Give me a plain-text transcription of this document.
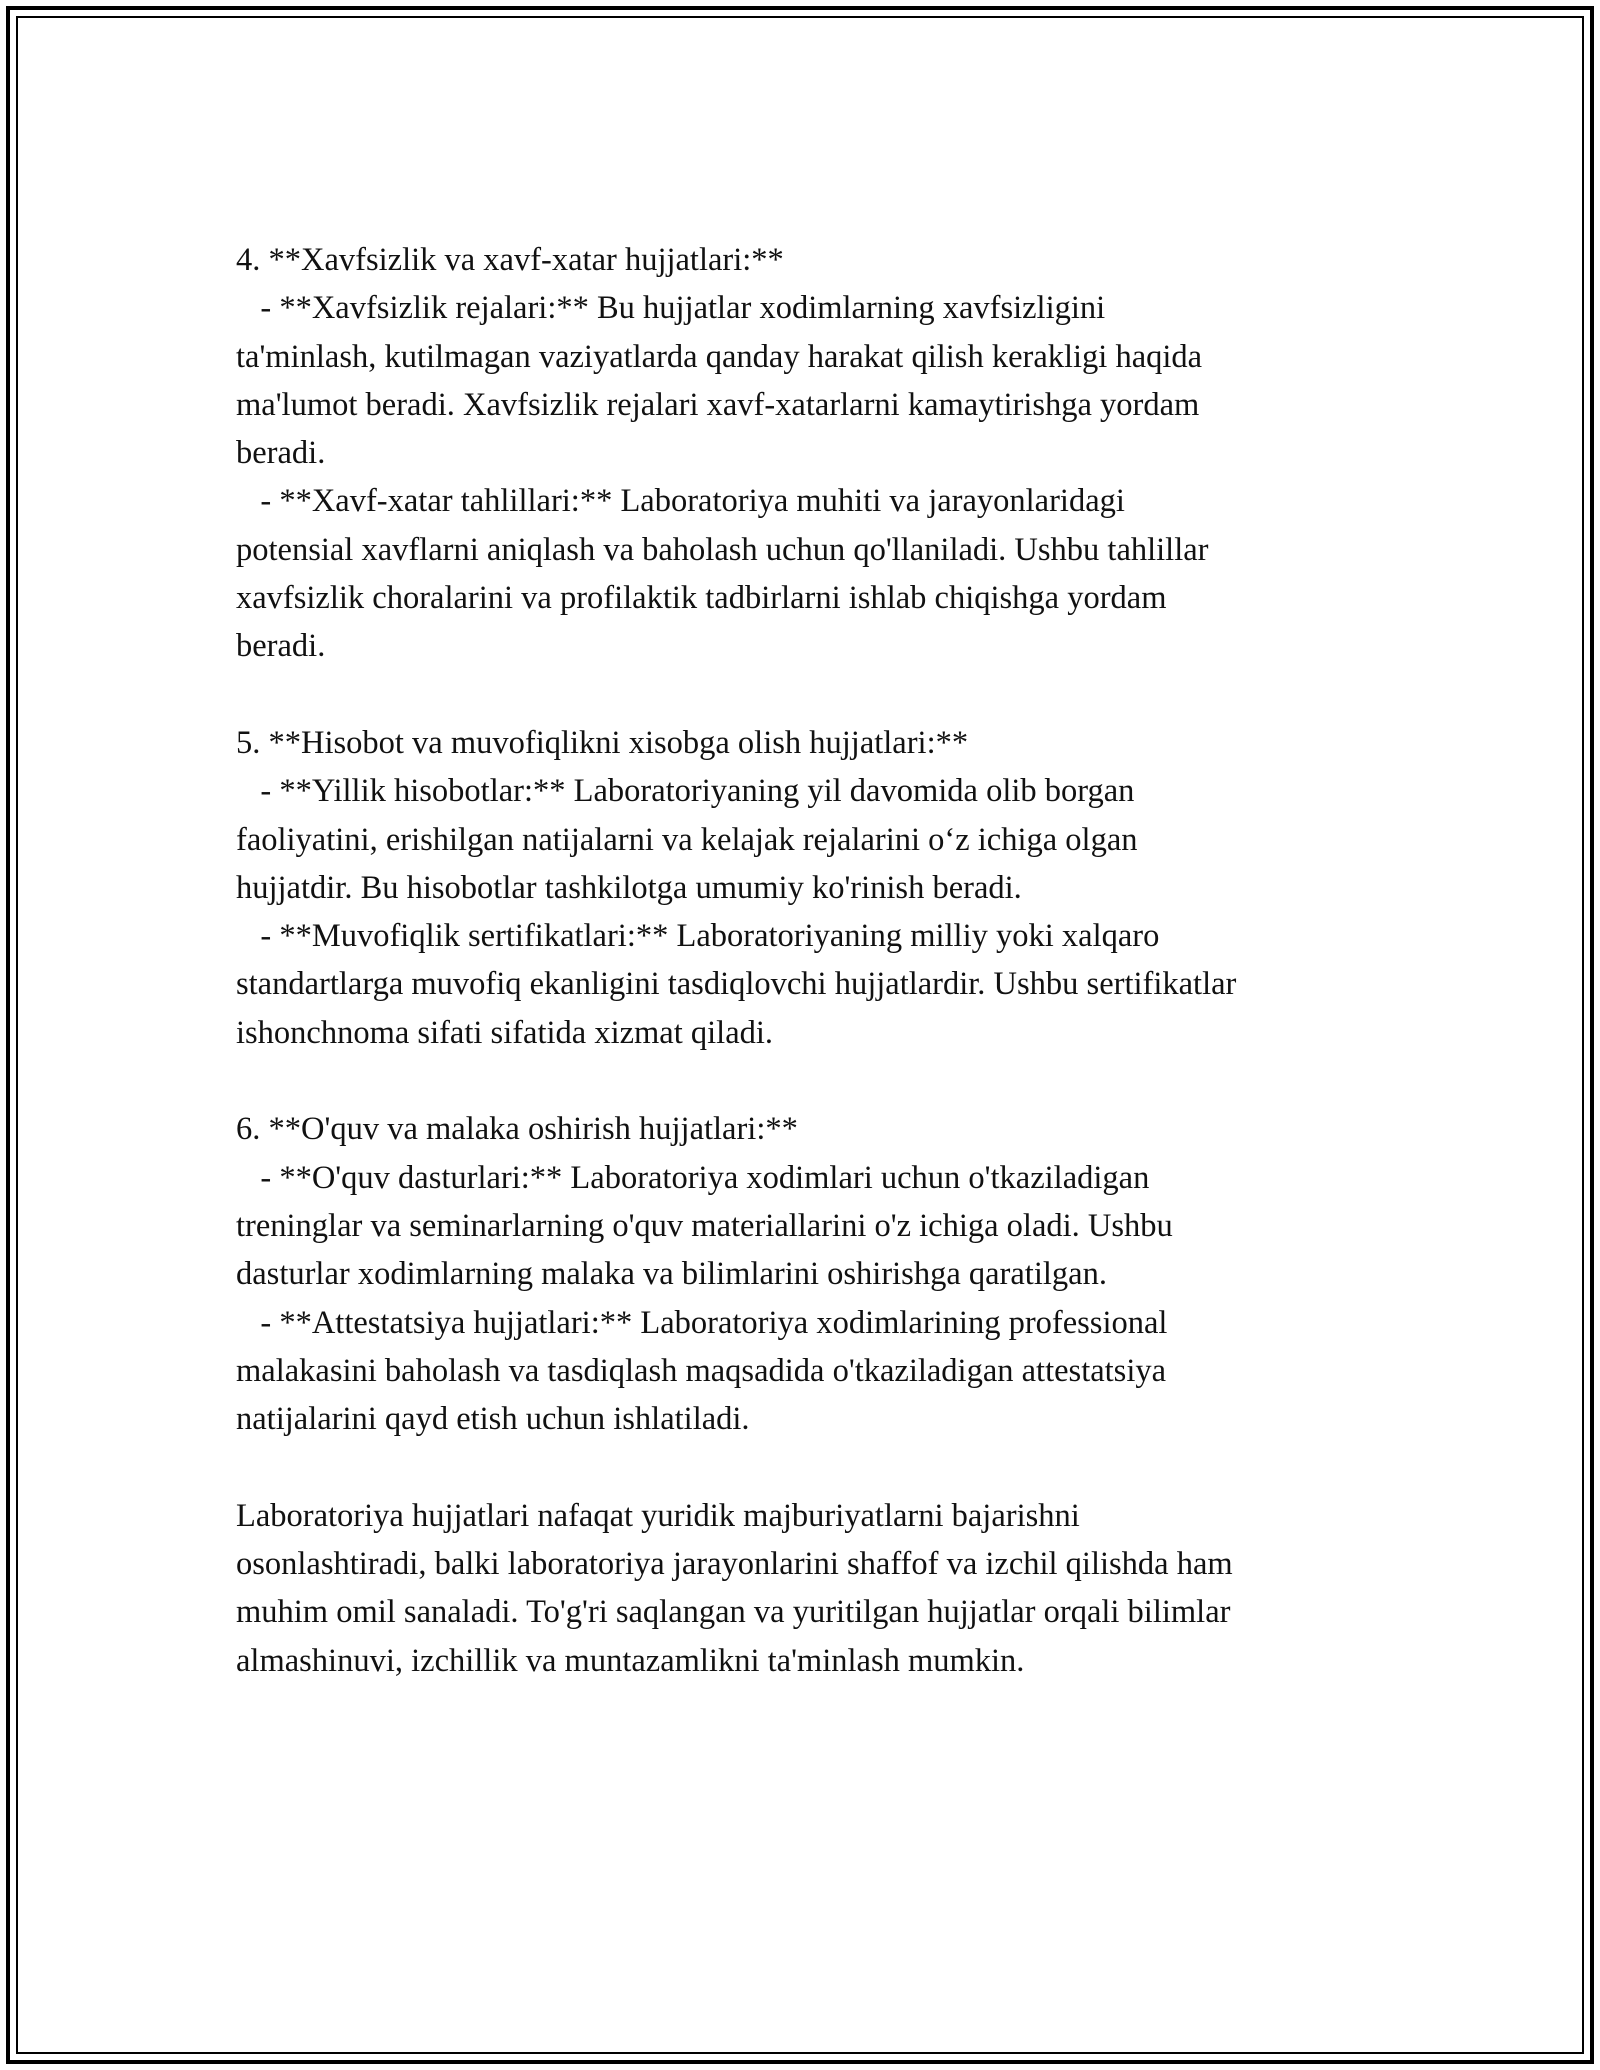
4. **Xavfsizlik va xavf-xatar hujjatlari:**
- **Xavfsizlik rejalari:** Bu hujjatlar xodimlarning xavfsizligini
ta'minlash, kutilmagan vaziyatlarda qanday harakat qilish kerakligi haqida
ma'lumot beradi. Xavfsizlik rejalari xavf-xatarlarni kamaytirishga yordam
beradi.
- **Xavf-xatar tahlillari:** Laboratoriya muhiti va jarayonlaridagi
potensial xavflarni aniqlash va baholash uchun qo'llaniladi. Ushbu tahlillar
xavfsizlik choralarini va profilaktik tadbirlarni ishlab chiqishga yordam
beradi.
5. **Hisobot va muvofiqlikni xisobga olish hujjatlari:**
- **Yillik hisobotlar:** Laboratoriyaning yil davomida olib borgan
faoliyatini, erishilgan natijalarni va kelajak rejalarini o‘z ichiga olgan
hujjatdir. Bu hisobotlar tashkilotga umumiy ko'rinish beradi.
- **Muvofiqlik sertifikatlari:** Laboratoriyaning milliy yoki xalqaro
standartlarga muvofiq ekanligini tasdiqlovchi hujjatlardir. Ushbu sertifikatlar
ishonchnoma sifati sifatida xizmat qiladi.
6. **O'quv va malaka oshirish hujjatlari:**
- **O'quv dasturlari:** Laboratoriya xodimlari uchun o'tkaziladigan
treninglar va seminarlarning o'quv materiallarini o'z ichiga oladi. Ushbu
dasturlar xodimlarning malaka va bilimlarini oshirishga qaratilgan.
- **Attestatsiya hujjatlari:** Laboratoriya xodimlarining professional
malakasini baholash va tasdiqlash maqsadida o'tkaziladigan attestatsiya
natijalarini qayd etish uchun ishlatiladi.
Laboratoriya hujjatlari nafaqat yuridik majburiyatlarni bajarishni
osonlashtiradi, balki laboratoriya jarayonlarini shaffof va izchil qilishda ham
muhim omil sanaladi. To'g'ri saqlangan va yuritilgan hujjatlar orqali bilimlar
almashinuvi, izchillik va muntazamlikni ta'minlash mumkin.
